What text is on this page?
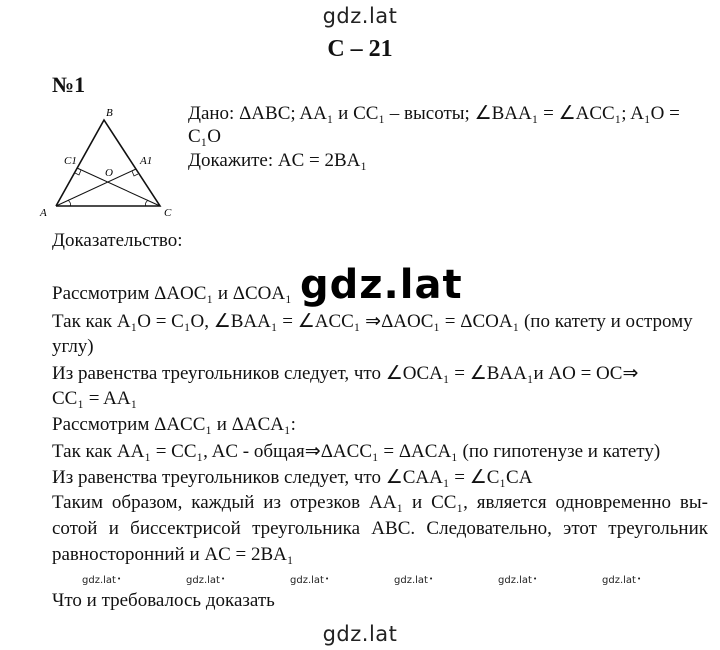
gdz.lat
С – 21
№1
B
A	C
C1	A1
O
Дано: ΔABC; AA₁ и CC₁ – высоты; ∠BAA₁ = ∠ACC₁; A₁O =
C₁O
Докажите: AC = 2BA₁
Доказательство:
Рассмотрим ΔAOC₁ и ΔCOA₁ gdz.lat
Так как A₁O = C₁O, ∠BAA₁ = ∠ACC₁ ⇒ΔAOC₁ = ΔCOA₁ (по катету и острому
углу)
Из равенства треугольников следует, что ∠OCA₁ = ∠BAA₁и AO = OC⇒
CC₁ = AA₁
Рассмотрим ΔACC₁ и ΔACA₁:
Так как AA₁ = CC₁, AC - общая⇒ΔACC₁ = ΔACA₁ (по гипотенузе и катету)
Из равенства треугольников следует, что ∠CAA₁ = ∠C₁CA
Таким образом, каждый из отрезков AA₁ и CC₁, является одновременно вы-
сотой и биссектрисой треугольника ABC. Следовательно, этот треугольник
равносторонний и AC = 2BA₁
gdz.lat •	gdz.lat •	gdz.lat •	gdz.lat •	gdz.lat •	gdz.lat •
Что и требовалось доказать
gdz.lat
